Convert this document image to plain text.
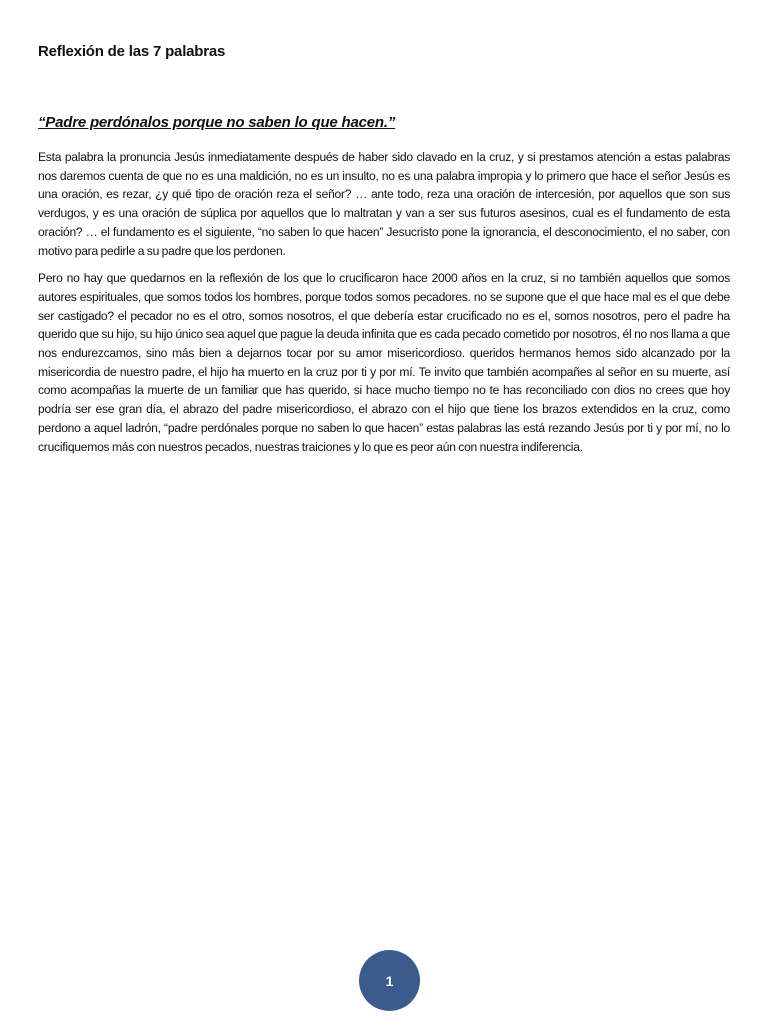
Reflexión de las 7 palabras
“Padre perdónalos porque no saben lo que hacen.”

Esta palabra la pronuncia Jesús inmediatamente después de haber sido clavado en la cruz, y si prestamos atención a estas palabras nos daremos cuenta de que no es una maldición, no es un insulto, no es una palabra impropia y lo primero que hace el señor Jesús es una oración, es rezar, ¿y qué tipo de oración reza el señor? … ante todo, reza una oración de intercesión, por aquellos que son sus verdugos, y es una oración de súplica por aquellos que lo maltratan y van a ser sus futuros asesinos, cual es el fundamento de esta oración? … el fundamento es el siguiente, “no saben lo que hacen” Jesucristo pone la ignorancia, el desconocimiento, el no saber, con motivo para pedirle a su padre que los perdonen.

Pero no hay que quedarnos en la reflexión de los que lo crucificaron hace 2000 años en la cruz, si no también aquellos que somos autores espirituales, que somos todos los hombres, porque todos somos pecadores. no se supone que el que hace mal es el que debe ser castigado? el pecador no es el otro, somos nosotros, el que debería estar crucificado no es el, somos nosotros, pero el padre ha querido que su hijo, su hijo único sea aquel que pague la deuda infinita que es cada pecado cometido por nosotros, él no nos llama a que nos endurezcamos, sino más bien a dejarnos tocar por su amor misericordioso. queridos hermanos hemos sido alcanzado por la misericordia de nuestro padre, el hijo ha muerto en la cruz por ti y por mí. Te invito que también acompañes al señor en su muerte, así como acompañas la muerte de un familiar que has querido, si hace mucho tiempo no te has reconciliado con dios no crees que hoy podría ser ese gran día, el abrazo del padre misericordioso, el abrazo con el hijo que tiene los brazos extendidos en la cruz, como perdono a aquel ladrón, “padre perdónales porque no saben lo que hacen” estas palabras las está rezando Jesús por ti y por mí, no lo crucifiquemos más con nuestros pecados, nuestras traiciones y lo que es peor aún con nuestra indiferencia.

1
